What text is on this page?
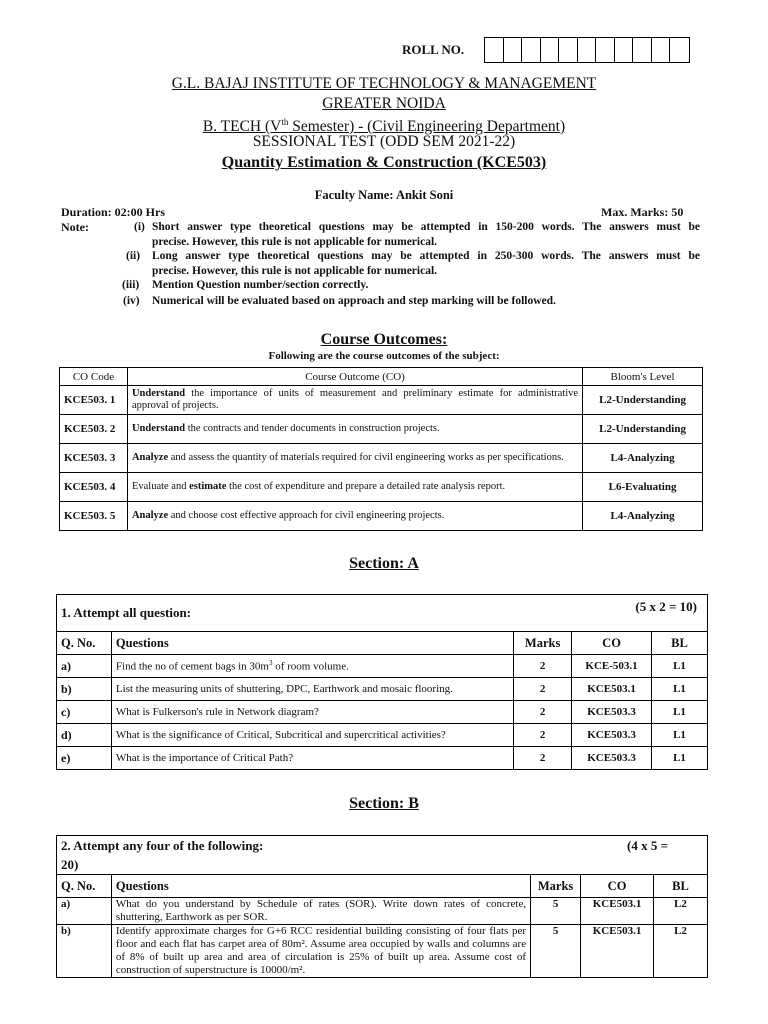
ROLL NO.
G.L. BAJAJ INSTITUTE OF TECHNOLOGY & MANAGEMENT
GREATER NOIDA
B. TECH (Vth Semester) - (Civil Engineering Department)
SESSIONAL TEST (ODD SEM 2021-22)
Quantity Estimation & Construction (KCE503)
Faculty Name: Ankit Soni
Duration: 02:00 Hrs	Max. Marks: 50
Note:	(i) Short answer type theoretical questions may be attempted in 150-200 words. The answers must be
precise. However, this rule is not applicable for numerical.
(ii) Long answer type theoretical questions may be attempted in 250-300 words. The answers must be
precise. However, this rule is not applicable for numerical.
(iii) Mention Question number/section correctly.
(iv) Numerical will be evaluated based on approach and step marking will be followed.
Course Outcomes:
Following are the course outcomes of the subject:
CO Code	Course Outcome (CO)	Bloom's Level
KCE503. 1	Understand the importance of units of measurement and preliminary estimate for administrative approval of projects.	L2-Understanding
KCE503. 2	Understand the contracts and tender documents in construction projects.	L2-Understanding
KCE503. 3	Analyze and assess the quantity of materials required for civil engineering works as per specifications.	L4-Analyzing
KCE503. 4	Evaluate and estimate the cost of expenditure and prepare a detailed rate analysis report.	L6-Evaluating
KCE503. 5	Analyze and choose cost effective approach for civil engineering projects.	L4-Analyzing
Section: A
1. Attempt all question: (5 x 2 = 10)				

Q. No.	Questions	Marks	CO	BL
a)	Find the no of cement bags in $30m^3$ of room volume.	2	KCE-503.1	L1
b)	List the measuring units of shuttering, DPC, Earthwork and mosaic flooring.	2	KCE503.1	L1
c)	What is Fulkerson's rule in Network diagram?	2	KCE503.3	L1
d)	What is the significance of Critical, Subcritical and supercritical activities?	2	KCE503.3	L1
e)	What is the importance of Critical Path?	2	KCE503.3	L1
Section: B
2. Attempt any four of the following: (4 x 5 =
20)				

Q. No.	Questions	Marks	CO	BL
a)	What do you understand by Schedule of rates (SOR). Write down rates of concrete, shuttering, Earthwork as per SOR.	5	KCE503.1	L2
b)	Identify approximate charges for G+6 RCC residential building consisting of four flats per floor and each flat has carpet area of 80m². Assume area occupied by walls and columns are of 8% of built up area and area of circulation is 25% of built up area. Assume cost of construction of superstructure is 10000/m².	5	KCE503.1	L2
